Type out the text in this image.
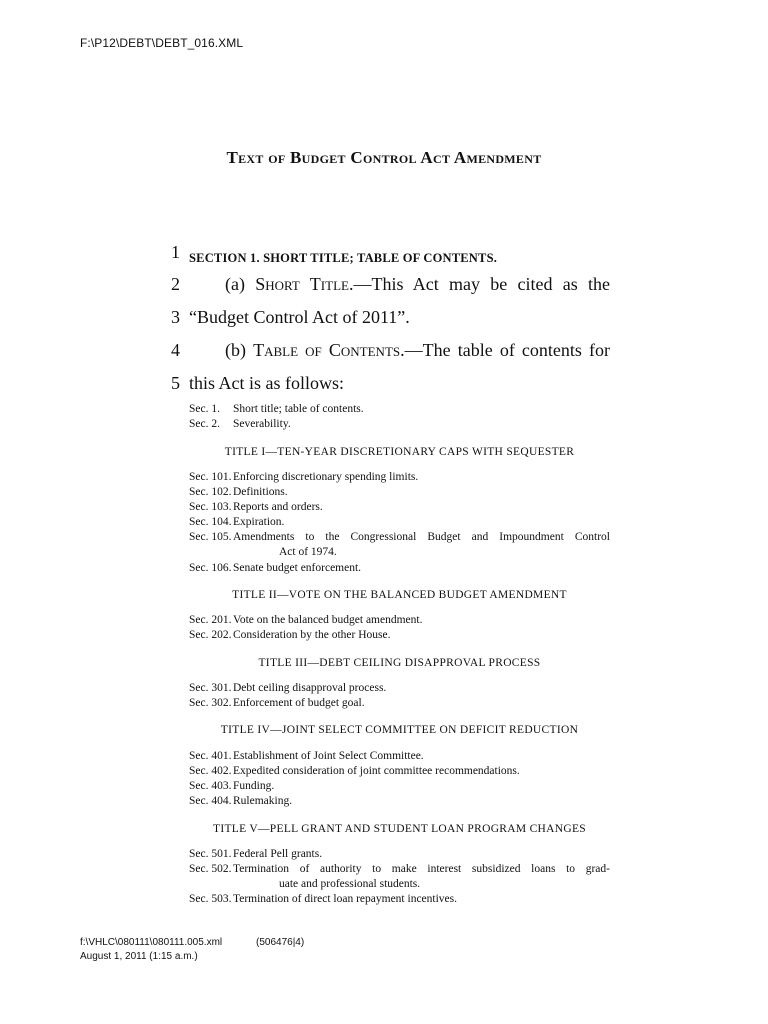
F:\P12\DEBT\DEBT_016.XML
Text of Budget Control Act Amendment
1 SECTION 1. SHORT TITLE; TABLE OF CONTENTS.
2	(a) Short Title.—This Act may be cited as the
3 “Budget Control Act of 2011”.
4	(b) Table of Contents.—The table of contents for
5 this Act is as follows:
Sec. 1. Short title; table of contents.
Sec. 2. Severability.
TITLE I—TEN-YEAR DISCRETIONARY CAPS WITH SEQUESTER
Sec. 101. Enforcing discretionary spending limits.
Sec. 102. Definitions.
Sec. 103. Reports and orders.
Sec. 104. Expiration.
Sec. 105. Amendments to the Congressional Budget and Impoundment Control
Act of 1974.
Sec. 106. Senate budget enforcement.
TITLE II—VOTE ON THE BALANCED BUDGET AMENDMENT
Sec. 201. Vote on the balanced budget amendment.
Sec. 202. Consideration by the other House.
TITLE III—DEBT CEILING DISAPPROVAL PROCESS
Sec. 301. Debt ceiling disapproval process.
Sec. 302. Enforcement of budget goal.
TITLE IV—JOINT SELECT COMMITTEE ON DEFICIT REDUCTION
Sec. 401. Establishment of Joint Select Committee.
Sec. 402. Expedited consideration of joint committee recommendations.
Sec. 403. Funding.
Sec. 404. Rulemaking.
TITLE V—PELL GRANT AND STUDENT LOAN PROGRAM CHANGES
Sec. 501. Federal Pell grants.
Sec. 502. Termination of authority to make interest subsidized loans to grad-
uate and professional students.
Sec. 503. Termination of direct loan repayment incentives.
f:\VHLC\080111\080111.005.xml	(506476|4)
August 1, 2011 (1:15 a.m.)
